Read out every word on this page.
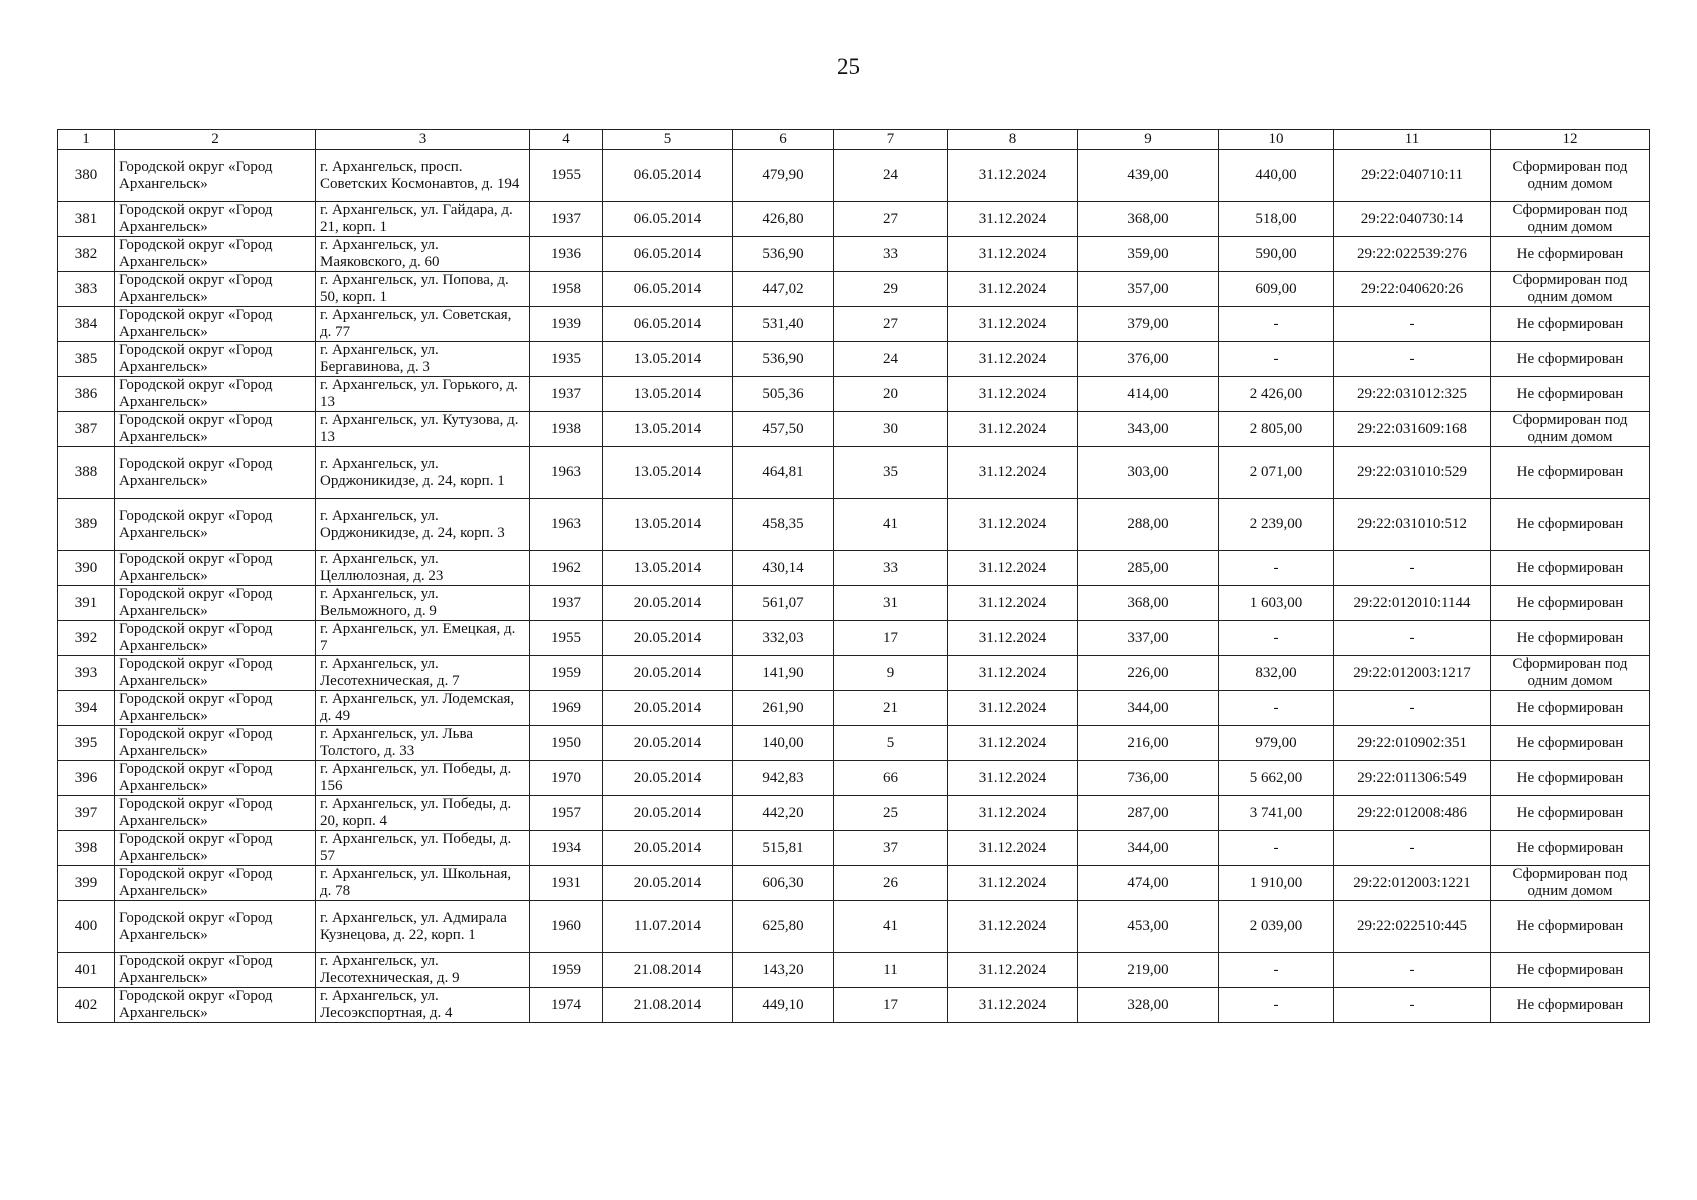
25
1	2	3	4	5	6	7	8	9	10	11	12
380	Городской округ «Город Архангельск»	г. Архангельск, просп. Советских Космонавтов, д. 194	1955	06.05.2014	479,90	24	31.12.2024	439,00	440,00	29:22:040710:11	Сформирован под одним домом
381	Городской округ «Город Архангельск»	г. Архангельск, ул. Гайдара, д. 21, корп. 1	1937	06.05.2014	426,80	27	31.12.2024	368,00	518,00	29:22:040730:14	Сформирован под одним домом
382	Городской округ «Город Архангельск»	г. Архангельск, ул. Маяковского, д. 60	1936	06.05.2014	536,90	33	31.12.2024	359,00	590,00	29:22:022539:276	Не сформирован
383	Городской округ «Город Архангельск»	г. Архангельск, ул. Попова, д. 50, корп. 1	1958	06.05.2014	447,02	29	31.12.2024	357,00	609,00	29:22:040620:26	Сформирован под одним домом
384	Городской округ «Город Архангельск»	г. Архангельск, ул. Советская, д. 77	1939	06.05.2014	531,40	27	31.12.2024	379,00	-	-	Не сформирован
385	Городской округ «Город Архангельск»	г. Архангельск, ул. Бергавинова, д. 3	1935	13.05.2014	536,90	24	31.12.2024	376,00	-	-	Не сформирован
386	Городской округ «Город Архангельск»	г. Архангельск, ул. Горького, д. 13	1937	13.05.2014	505,36	20	31.12.2024	414,00	2 426,00	29:22:031012:325	Не сформирован
387	Городской округ «Город Архангельск»	г. Архангельск, ул. Кутузова, д. 13	1938	13.05.2014	457,50	30	31.12.2024	343,00	2 805,00	29:22:031609:168	Сформирован под одним домом
388	Городской округ «Город Архангельск»	г. Архангельск, ул. Орджоникидзе, д. 24, корп. 1	1963	13.05.2014	464,81	35	31.12.2024	303,00	2 071,00	29:22:031010:529	Не сформирован
389	Городской округ «Город Архангельск»	г. Архангельск, ул. Орджоникидзе, д. 24, корп. 3	1963	13.05.2014	458,35	41	31.12.2024	288,00	2 239,00	29:22:031010:512	Не сформирован
390	Городской округ «Город Архангельск»	г. Архангельск, ул. Целлюлозная, д. 23	1962	13.05.2014	430,14	33	31.12.2024	285,00	-	-	Не сформирован
391	Городской округ «Город Архангельск»	г. Архангельск, ул. Вельможного, д. 9	1937	20.05.2014	561,07	31	31.12.2024	368,00	1 603,00	29:22:012010:1144	Не сформирован
392	Городской округ «Город Архангельск»	г. Архангельск, ул. Емецкая, д. 7	1955	20.05.2014	332,03	17	31.12.2024	337,00	-	-	Не сформирован
393	Городской округ «Город Архангельск»	г. Архангельск, ул. Лесотехническая, д. 7	1959	20.05.2014	141,90	9	31.12.2024	226,00	832,00	29:22:012003:1217	Сформирован под одним домом
394	Городской округ «Город Архангельск»	г. Архангельск, ул. Лодемская, д. 49	1969	20.05.2014	261,90	21	31.12.2024	344,00	-	-	Не сформирован
395	Городской округ «Город Архангельск»	г. Архангельск, ул. Льва Толстого, д. 33	1950	20.05.2014	140,00	5	31.12.2024	216,00	979,00	29:22:010902:351	Не сформирован
396	Городской округ «Город Архангельск»	г. Архангельск, ул. Победы, д. 156	1970	20.05.2014	942,83	66	31.12.2024	736,00	5 662,00	29:22:011306:549	Не сформирован
397	Городской округ «Город Архангельск»	г. Архангельск, ул. Победы, д. 20, корп. 4	1957	20.05.2014	442,20	25	31.12.2024	287,00	3 741,00	29:22:012008:486	Не сформирован
398	Городской округ «Город Архангельск»	г. Архангельск, ул. Победы, д. 57	1934	20.05.2014	515,81	37	31.12.2024	344,00	-	-	Не сформирован
399	Городской округ «Город Архангельск»	г. Архангельск, ул. Школьная, д. 78	1931	20.05.2014	606,30	26	31.12.2024	474,00	1 910,00	29:22:012003:1221	Сформирован под одним домом
400	Городской округ «Город Архангельск»	г. Архангельск, ул. Адмирала Кузнецова, д. 22, корп. 1	1960	11.07.2014	625,80	41	31.12.2024	453,00	2 039,00	29:22:022510:445	Не сформирован
401	Городской округ «Город Архангельск»	г. Архангельск, ул. Лесотехническая, д. 9	1959	21.08.2014	143,20	11	31.12.2024	219,00	-	-	Не сформирован
402	Городской округ «Город Архангельск»	г. Архангельск, ул. Лесоэкспортная, д. 4	1974	21.08.2014	449,10	17	31.12.2024	328,00	-	-	Не сформирован
